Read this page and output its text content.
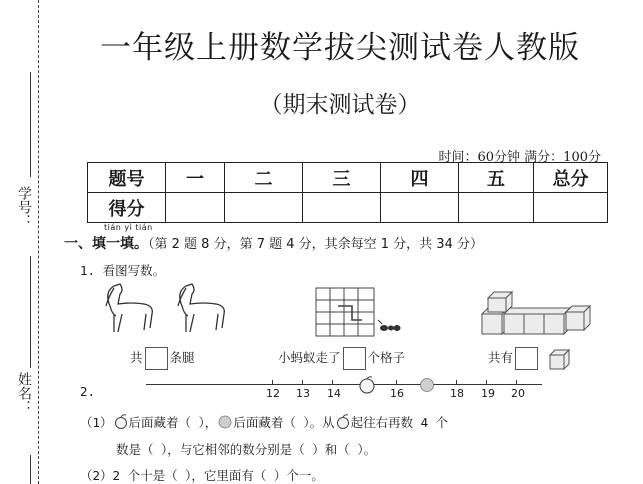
学号：
姓名：
一年级上册数学拔尖测试卷人教版
（期末测试卷）
时间：60分钟 满分：100分
题号	一	二	三	四	五	总分
得分						
tián yì tián
一、填一填。（第 2 题 8 分，第 7 题 4 分，其余每空 1 分，共 34 分）
1. 看图写数。
共 条腿	小蚂蚁走了 个格子	共有
2.	12 13 14	16	18 19 20
（1） 后面藏着（ ）， 后面藏着（ ）。从 起往右再数 4 个
数是（ ），与它相邻的数分别是（ ）和（ ）。
（2）2 个十是（ ），它里面有（ ）个一。
